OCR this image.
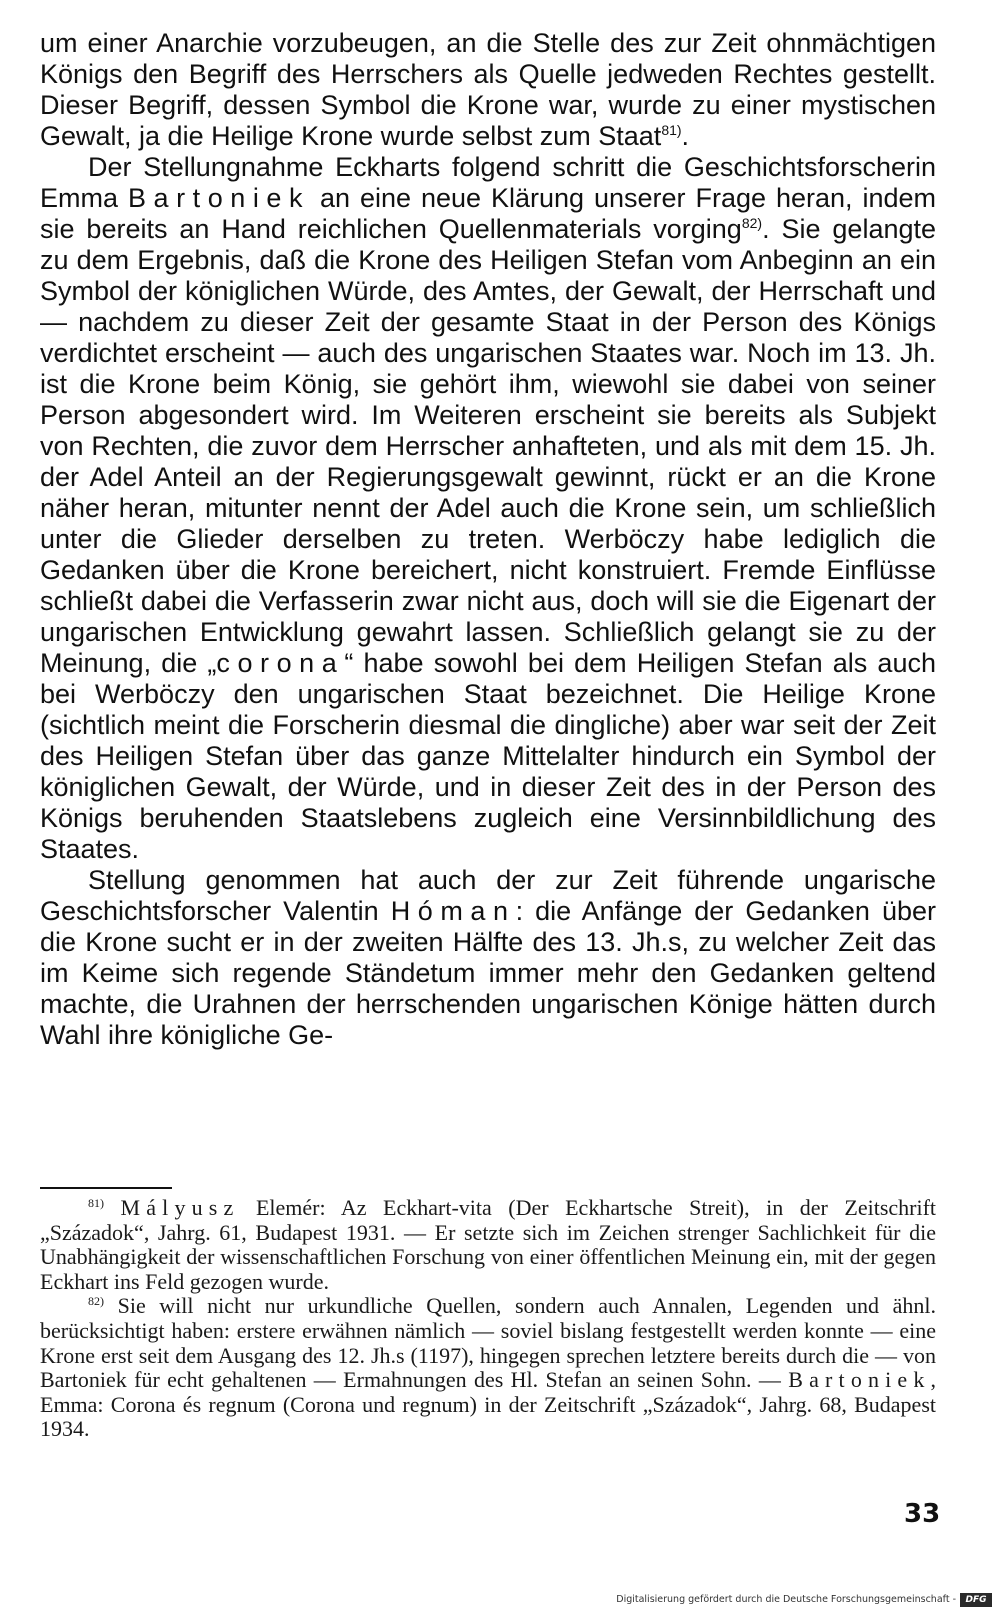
um einer Anarchie vorzubeugen, an die Stelle des zur Zeit ohnmächtigen Königs den Begriff des Herrschers als Quelle jedweden Rechtes gestellt. Dieser Begriff, dessen Symbol die Krone war, wurde zu einer mystischen Gewalt, ja die Heilige Krone wurde selbst zum Staat$^{81)}$.

Der Stellungnahme Eckharts folgend schritt die Geschichtsforscherin Emma Bartoniek an eine neue Klärung unserer Frage heran, indem sie bereits an Hand reichlichen Quellenmaterials vorging$^{82)}$. Sie gelangte zu dem Ergebnis, daß die Krone des Heiligen Stefan vom Anbeginn an ein Symbol der königlichen Würde, des Amtes, der Gewalt, der Herrschaft und — nachdem zu dieser Zeit der gesamte Staat in der Person des Königs verdichtet erscheint — auch des ungarischen Staates war. Noch im 13. Jh. ist die Krone beim König, sie gehört ihm, wiewohl sie dabei von seiner Person abgesondert wird. Im Weiteren erscheint sie bereits als Subjekt von Rechten, die zuvor dem Herrscher anhafteten, und als mit dem 15. Jh. der Adel Anteil an der Regierungsgewalt gewinnt, rückt er an die Krone näher heran, mitunter nennt der Adel auch die Krone sein, um schließlich unter die Glieder derselben zu treten. Werböczy habe lediglich die Gedanken über die Krone bereichert, nicht konstruiert. Fremde Einflüsse schließt dabei die Verfasserin zwar nicht aus, doch will sie die Eigenart der ungarischen Entwicklung gewahrt lassen. Schließlich gelangt sie zu der Meinung, die „corona“ habe sowohl bei dem Heiligen Stefan als auch bei Werböczy den ungarischen Staat bezeichnet. Die Heilige Krone (sichtlich meint die Forscherin diesmal die dingliche) aber war seit der Zeit des Heiligen Stefan über das ganze Mittelalter hindurch ein Symbol der königlichen Gewalt, der Würde, und in dieser Zeit des in der Person des Königs beruhenden Staatslebens zugleich eine Versinnbildlichung des Staates.

Stellung genommen hat auch der zur Zeit führende ungarische Geschichtsforscher Valentin Hóman: die Anfänge der Gedanken über die Krone sucht er in der zweiten Hälfte des 13. Jh.s, zu welcher Zeit das im Keime sich regende Ständetum immer mehr den Gedanken geltend machte, die Urahnen der herrschenden ungarischen Könige hätten durch Wahl ihre königliche Ge-

$^{81)}$ Mályusz Elemér: Az Eckhart-vita (Der Eckhartsche Streit), in der Zeitschrift „Századok“, Jahrg. 61, Budapest 1931. — Er setzte sich im Zeichen strenger Sachlichkeit für die Unabhängigkeit der wissenschaftlichen Forschung von einer öffentlichen Meinung ein, mit der gegen Eckhart ins Feld gezogen wurde.

$^{82)}$ Sie will nicht nur urkundliche Quellen, sondern auch Annalen, Legenden und ähnl. berücksichtigt haben: erstere erwähnen nämlich — soviel bislang festgestellt werden konnte — eine Krone erst seit dem Ausgang des 12. Jh.s (1197), hingegen sprechen letztere bereits durch die — von Bartoniek für echt gehaltenen — Ermahnungen des Hl. Stefan an seinen Sohn. — Bartoniek, Emma: Corona és regnum (Corona und regnum) in der Zeitschrift „Századok“, Jahrg. 68, Budapest 1934.

33
Digitalisierung gefördert durch die Deutsche Forschungsgemeinschaft -	DFG
